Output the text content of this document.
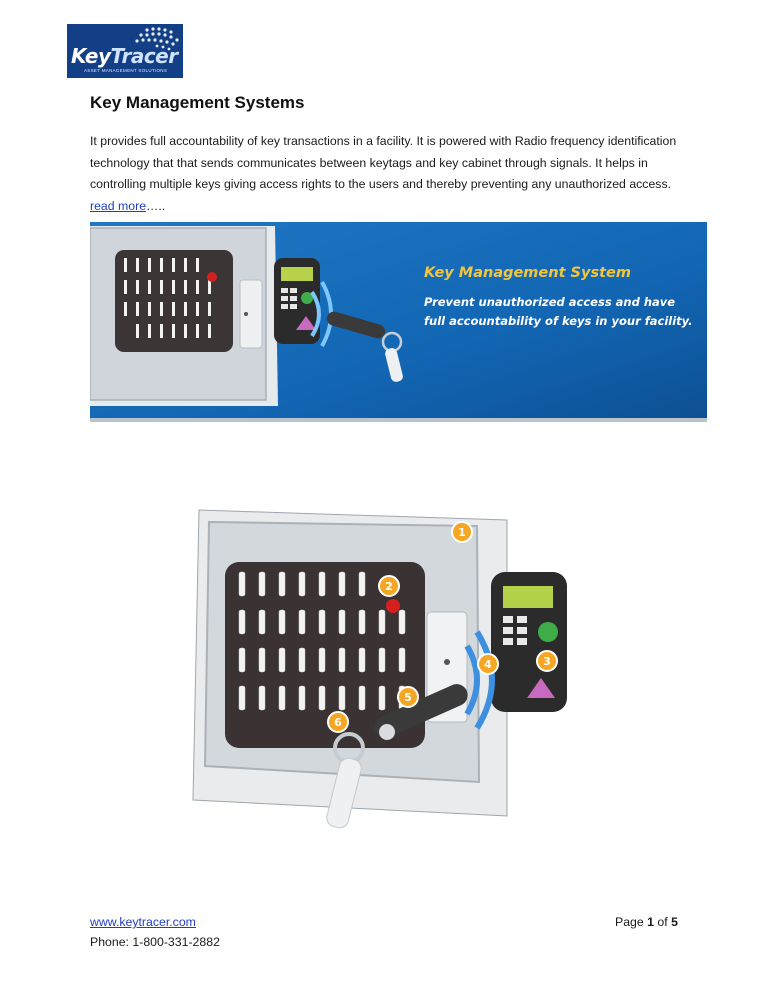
KeyTracer
ASSET MANAGEMENT SOLUTIONS
Key Management Systems
It provides full accountability of key transactions in a facility. It is powered with Radio frequency identification technology that that sends communicates between keytags and key cabinet through signals. It helps in controlling multiple keys giving access rights to the users and thereby preventing any unauthorized access. read more…..
Key Management System
Prevent unauthorized access and have
full accountability of keys in your facility.
1
2
3
4
5
6
www.keytracer.com
Phone: 1-800-331-2882
Page 1 of 5
